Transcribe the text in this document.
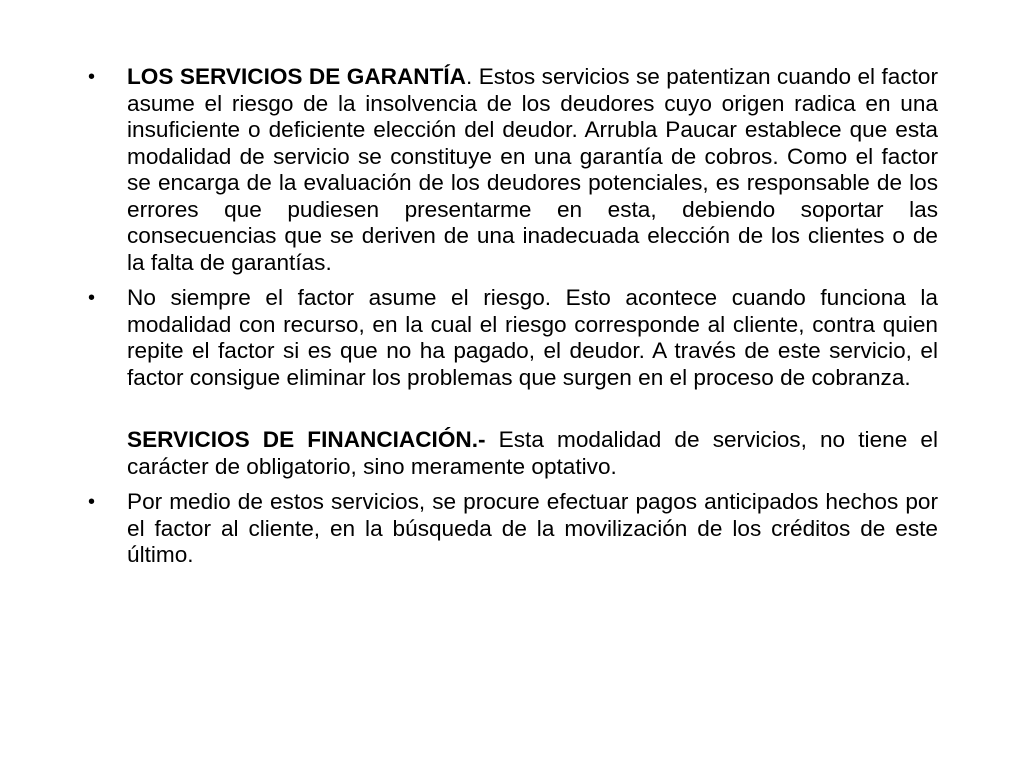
•	LOS SERVICIOS DE GARANTÍA. Estos servicios se patentizan cuando el factor asume el riesgo de la insolvencia de los deudores cuyo origen radica en una insuficiente o deficiente elección del deudor. Arrubla Paucar establece que esta modalidad de servicio se constituye en una garantía de cobros. Como el factor se encarga de la evaluación de los deudores potenciales, es responsable de los errores que pudiesen presentarme en esta, debiendo soportar las consecuencias que se deriven de una inadecuada elección de los clientes o de la falta de garantías.
•	No siempre el factor asume el riesgo. Esto acontece cuando funciona la modalidad con recurso, en la cual el riesgo corresponde al cliente, contra quien repite el factor si es que no ha pagado, el deudor. A través de este servicio, el factor consigue eliminar los problemas que surgen en el proceso de cobranza.
SERVICIOS DE FINANCIACIÓN.- Esta modalidad de servicios, no tiene el carácter de obligatorio, sino meramente optativo.
•	Por medio de estos servicios, se procure efectuar pagos anticipados hechos por el factor al cliente, en la búsqueda de la movilización de los créditos de este último.
